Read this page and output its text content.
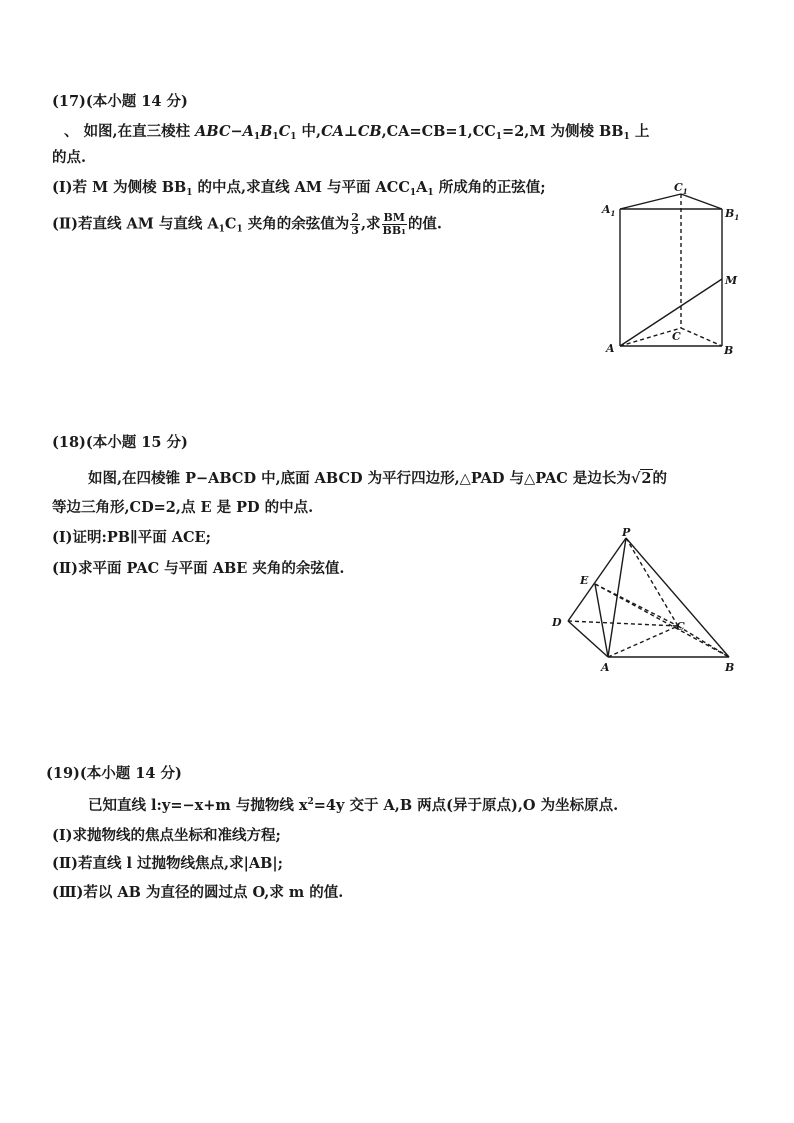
(17)(本小题 14 分)
、 如图,在直三棱柱 $ABC-A_1B_1C_1$ 中$,CA\perp CB,CA=CB=1,CC_1=2,M$ 为侧棱 $BB_1$ 上
的点.
(Ⅰ)若 M 为侧棱 $BB_1$ 的中点,求直线 AM 与平面 $ACC_1A_1$ 所成角的正弦值;
(Ⅱ)若直线 AM 与直线 $A_1C_1$ 夹角的余弦值为 $\frac{2}{3}$ ,求 $\frac{BM}{\text{BB₁}}$ 的值.
$C_1$
$A_1$	$B_1$
M
C
A	B
(18)(本小题 15 分)
如图,在四棱锥 P−ABCD 中,底面 ABCD 为平行四边形,△PAD 与△PAC 是边长为√2的
等边三角形,CD=2,点 E 是 PD 的中点.
(Ⅰ)证明:PB∥平面 ACE;
(Ⅱ)求平面 PAC 与平面 ABE 夹角的余弦值.
P
E
D	C
A	B
(19)(本小题 14 分)
已知直线 l:y=−x+m 与抛物线 $x^2=4y$ 交于 A,B 两点(异于原点),O 为坐标原点.
(Ⅰ)求抛物线的焦点坐标和准线方程;
(Ⅱ)若直线 l 过抛物线焦点,求|AB|;
(Ⅲ)若以 AB 为直径的圆过点 O,求 m 的值.
